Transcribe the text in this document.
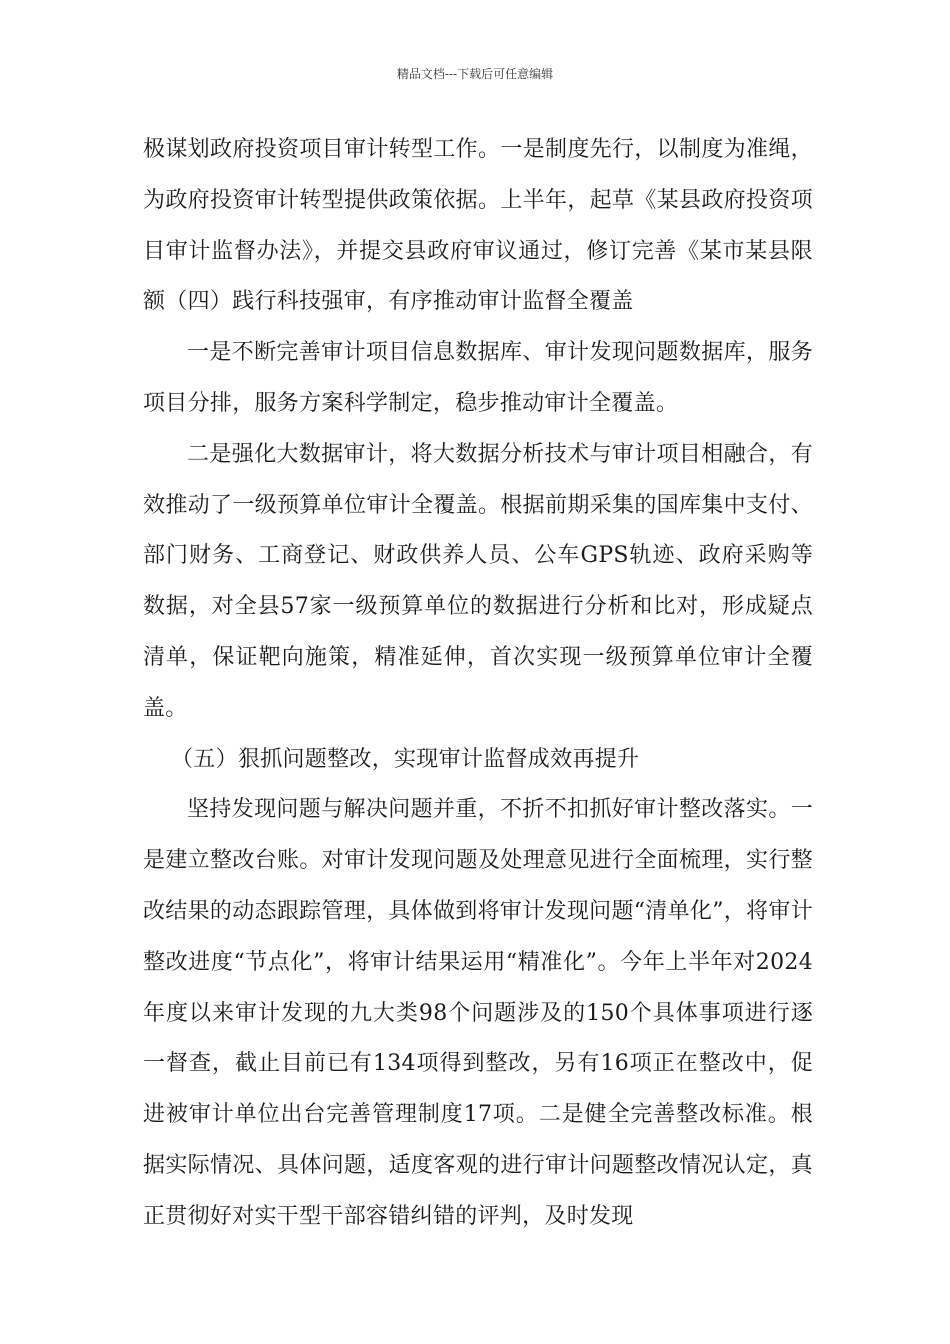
精品文档---下载后可任意编辑

极谋划政府投资项目审计转型工作。一是制度先行，以制度为准绳，为政府投资审计转型提供政策依据。上半年，起草《某县政府投资项目审计监督办法》，并提交县政府审议通过，修订完善《某市某县限额（四）践行科技强审，有序推动审计监督全覆盖

一是不断完善审计项目信息数据库、审计发现问题数据库，服务项目分排，服务方案科学制定，稳步推动审计全覆盖。

二是强化大数据审计，将大数据分析技术与审计项目相融合，有效推动了一级预算单位审计全覆盖。根据前期采集的国库集中支付、部门财务、工商登记、财政供养人员、公车GPS轨迹、政府采购等数据，对全县57家一级预算单位的数据进行分析和比对，形成疑点清单，保证靶向施策，精准延伸，首次实现一级预算单位审计全覆盖。

（五）狠抓问题整改，实现审计监督成效再提升

坚持发现问题与解决问题并重，不折不扣抓好审计整改落实。一是建立整改台账。对审计发现问题及处理意见进行全面梳理，实行整改结果的动态跟踪管理，具体做到将审计发现问题“清单化”，将审计整改进度“节点化”，将审计结果运用“精准化”。今年上半年对2024年度以来审计发现的九大类98个问题涉及的150个具体事项进行逐一督查，截止目前已有134项得到整改，另有16项正在整改中，促进被审计单位出台完善管理制度17项。二是健全完善整改标准。根据实际情况、具体问题，适度客观的进行审计问题整改情况认定，真正贯彻好对实干型干部容错纠错的评判，及时发现
